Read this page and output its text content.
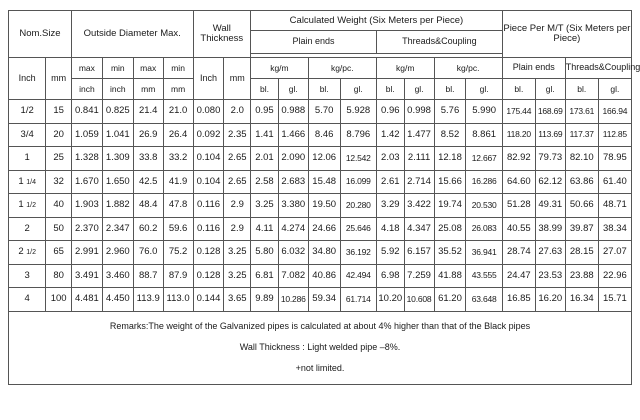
Nom.Size		Outside Diameter Max.				Wall Thickness		Calculated Weight (Six Meters per Piece)								Piece Per M/T (Six Meters per Piece)			
								Plain ends				Threads&Coupling							

Inch	mm	max	min	max	min	Inch	mm	kg/m		kg/pc.		kg/m		kg/pc.		Plain ends		Threads&Coupling	
		inch	inch	mm	mm			bl.	gl.	bl.	gl.	bl.	gl.	bl.	gl.	bl.	gl.	bl.	gl.
1/2	15	0.841	0.825	21.4	21.0	0.080	2.0	0.95	0.988	5.70	5.928	0.96	0.998	5.76	5.990	175.44	168.69	173.61	166.94
3/4	20	1.059	1.041	26.9	26.4	0.092	2.35	1.41	1.466	8.46	8.796	1.42	1.477	8.52	8.861	118.20	113.69	117.37	112.85
1	25	1.328	1.309	33.8	33.2	0.104	2.65	2.01	2.090	12.06	12.542	2.03	2.111	12.18	12.667	82.92	79.73	82.10	78.95
1 1/4	32	1.670	1.650	42.5	41.9	0.104	2.65	2.58	2.683	15.48	16.099	2.61	2.714	15.66	16.286	64.60	62.12	63.86	61.40
1 1/2	40	1.903	1.882	48.4	47.8	0.116	2.9	3.25	3.380	19.50	20.280	3.29	3.422	19.74	20.530	51.28	49.31	50.66	48.71
2	50	2.370	2.347	60.2	59.6	0.116	2.9	4.11	4.274	24.66	25.646	4.18	4.347	25.08	26.083	40.55	38.99	39.87	38.34
2 1/2	65	2.991	2.960	76.0	75.2	0.128	3.25	5.80	6.032	34.80	36.192	5.92	6.157	35.52	36.941	28.74	27.63	28.15	27.07
3	80	3.491	3.460	88.7	87.9	0.128	3.25	6.81	7.082	40.86	42.494	6.98	7.259	41.88	43.555	24.47	23.53	23.88	22.96
4	100	4.481	4.450	113.9	113.0	0.144	3.65	9.89	10.286	59.34	61.714	10.20	10.608	61.20	63.648	16.85	16.20	16.34	15.71

Remarks:The weight of the Galvanized pipes is calculated at about 4% higher than that of the Black pipes
Wall Thickness : Light welded pipe –8%.
+not limited.																			
